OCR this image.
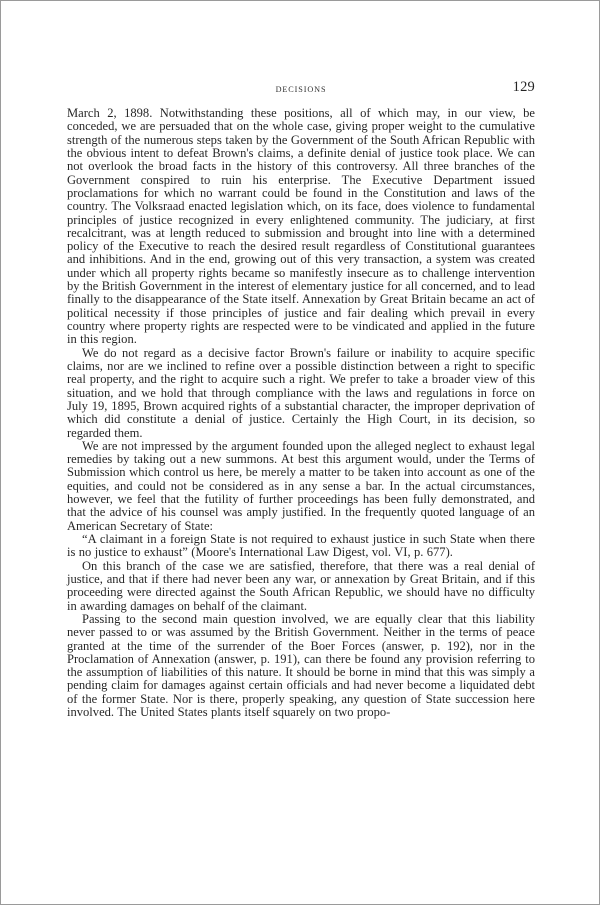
DECISIONS	129

March 2, 1898. Notwithstanding these positions, all of which may, in our view, be conceded, we are persuaded that on the whole case, giving proper weight to the cumulative strength of the numerous steps taken by the Government of the South African Republic with the obvious intent to defeat Brown's claims, a definite denial of justice took place. We can not overlook the broad facts in the history of this controversy. All three branches of the Government conspired to ruin his enterprise. The Executive Department issued proclamations for which no warrant could be found in the Constitution and laws of the country. The Volksraad enacted legislation which, on its face, does violence to fundamental principles of justice recognized in every enlightened community. The judiciary, at first recalcitrant, was at length reduced to submission and brought into line with a determined policy of the Executive to reach the desired result regardless of Constitutional guarantees and inhibitions. And in the end, growing out of this very transaction, a system was created under which all property rights became so manifestly insecure as to challenge intervention by the British Government in the interest of elementary justice for all concerned, and to lead finally to the disappearance of the State itself. Annexation by Great Britain became an act of political necessity if those principles of justice and fair dealing which prevail in every country where property rights are respected were to be vindicated and applied in the future in this region.

We do not regard as a decisive factor Brown's failure or inability to acquire specific claims, nor are we inclined to refine over a possible distinction between a right to specific real property, and the right to acquire such a right. We prefer to take a broader view of this situation, and we hold that through compliance with the laws and regulations in force on July 19, 1895, Brown acquired rights of a substantial character, the improper deprivation of which did constitute a denial of justice. Certainly the High Court, in its decision, so regarded them.

We are not impressed by the argument founded upon the alleged neglect to exhaust legal remedies by taking out a new summons. At best this argument would, under the Terms of Submission which control us here, be merely a matter to be taken into account as one of the equities, and could not be considered as in any sense a bar. In the actual circumstances, however, we feel that the futility of further proceedings has been fully demonstrated, and that the advice of his counsel was amply justified. In the frequently quoted language of an American Secretary of State:

“A claimant in a foreign State is not required to exhaust justice in such State when there is no justice to exhaust” (Moore's International Law Digest, vol. VI, p. 677).

On this branch of the case we are satisfied, therefore, that there was a real denial of justice, and that if there had never been any war, or annexation by Great Britain, and if this proceeding were directed against the South African Republic, we should have no difficulty in awarding damages on behalf of the claimant.

Passing to the second main question involved, we are equally clear that this liability never passed to or was assumed by the British Government. Neither in the terms of peace granted at the time of the surrender of the Boer Forces (answer, p. 192), nor in the Proclamation of Annexation (answer, p. 191), can there be found any provision referring to the assumption of liabilities of this nature. It should be borne in mind that this was simply a pending claim for damages against certain officials and had never become a liquidated debt of the former State. Nor is there, properly speaking, any question of State succession here involved. The United States plants itself squarely on two propo-
